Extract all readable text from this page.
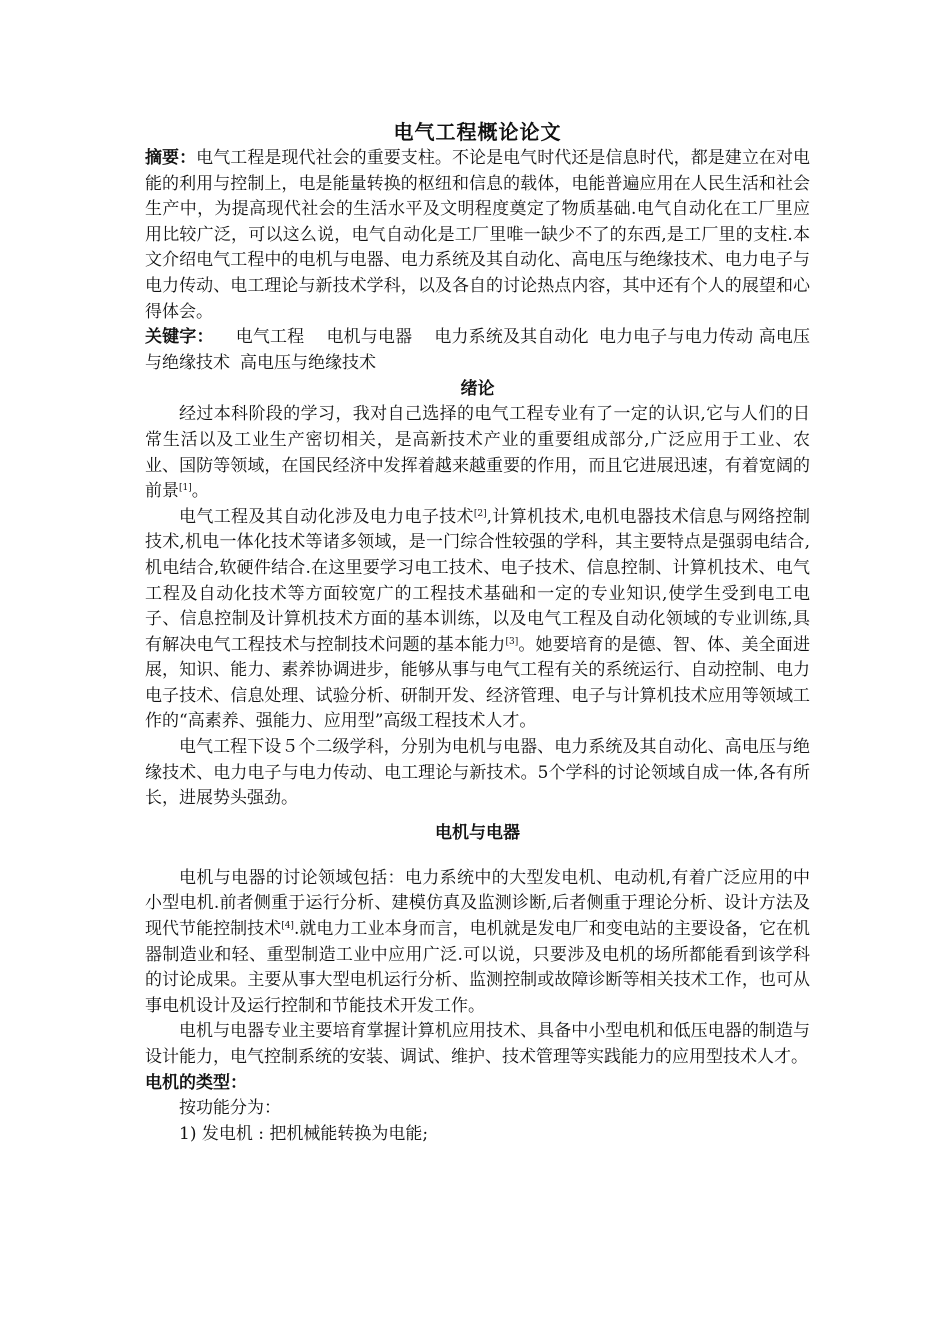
电气工程概论论文

摘要：电气工程是现代社会的重要支柱。不论是电气时代还是信息时代，都是建立在对电能的利用与控制上，电是能量转换的枢纽和信息的载体，电能普遍应用在人民生活和社会生产中，为提高现代社会的生活水平及文明程度奠定了物质基础.电气自动化在工厂里应用比较广泛，可以这么说，电气自动化是工厂里唯一缺少不了的东西,是工厂里的支柱.本文介绍电气工程中的电机与电器、电力系统及其自动化、高电压与绝缘技术、电力电子与电力传动、电工理论与新技术学科，以及各自的讨论热点内容，其中还有个人的展望和心得体会。

关键字： 电气工程 电机与电器 电力系统及其自动化 电力电子与电力传动 高电压与绝缘技术 高电压与绝缘技术

绪论

经过本科阶段的学习，我对自己选择的电气工程专业有了一定的认识,它与人们的日常生活以及工业生产密切相关，是高新技术产业的重要组成部分,广泛应用于工业、农业、国防等领域，在国民经济中发挥着越来越重要的作用，而且它进展迅速，有着宽阔的前景[1]。

电气工程及其自动化涉及电力电子技术[2],计算机技术,电机电器技术信息与网络控制技术,机电一体化技术等诸多领域，是一门综合性较强的学科，其主要特点是强弱电结合,机电结合,软硬件结合.在这里要学习电工技术、电子技术、信息控制、计算机技术、电气工程及自动化技术等方面较宽广的工程技术基础和一定的专业知识,使学生受到电工电子、信息控制及计算机技术方面的基本训练，以及电气工程及自动化领域的专业训练,具有解决电气工程技术与控制技术问题的基本能力[3]。她要培育的是德、智、体、美全面进展，知识、能力、素养协调进步，能够从事与电气工程有关的系统运行、自动控制、电力电子技术、信息处理、试验分析、研制开发、经济管理、电子与计算机技术应用等领域工作的“高素养、强能力、应用型”高级工程技术人才。

电气工程下设５个二级学科，分别为电机与电器、电力系统及其自动化、高电压与绝缘技术、电力电子与电力传动、电工理论与新技术。5个学科的讨论领域自成一体,各有所长，进展势头强劲。

电机与电器

电机与电器的讨论领域包括：电力系统中的大型发电机、电动机,有着广泛应用的中小型电机.前者侧重于运行分析、建模仿真及监测诊断,后者侧重于理论分析、设计方法及现代节能控制技术[4].就电力工业本身而言，电机就是发电厂和变电站的主要设备，它在机器制造业和轻、重型制造工业中应用广泛.可以说，只要涉及电机的场所都能看到该学科的讨论成果。主要从事大型电机运行分析、监测控制或故障诊断等相关技术工作，也可从事电机设计及运行控制和节能技术开发工作。

电机与电器专业主要培育掌握计算机应用技术、具备中小型电机和低压电器的制造与设计能力，电气控制系统的安装、调试、维护、技术管理等实践能力的应用型技术人才。

电机的类型：

按功能分为：

1) 发电机 : 把机械能转换为电能;
